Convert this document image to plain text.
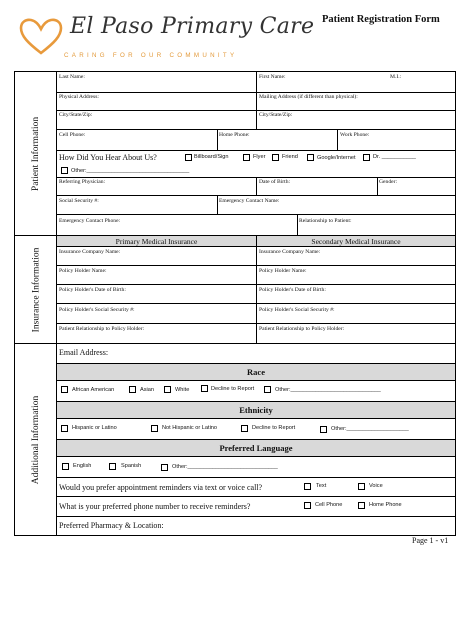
El Paso Primary Care
CARING FOR OUR COMMUNITY
Patient Registration Form
Patient Information
Insurance Information
Additional Information
Last Name:	First Name:	M.I.:
Physical Address:	Mailing Address (if different than physical):
City/State/Zip:	City/State/Zip:
Cell Phone:	Home Phone:	Work Phone:
How Did You Hear About Us?	Billboard/Sign	Flyer	Friend	Google/Internet	Dr. ___________
Other:_________________________________
Referring Physician:	Date of Birth:	Gender:
Social Security #:	Emergency Contact Name:
Emergency Contact Phone:	Relationship to Patient:
Primary Medical Insurance	Secondary Medical Insurance
Insurance Company Name:	Insurance Company Name:
Policy Holder Name:	Policy Holder Name:
Policy Holder's Date of Birth:	Policy Holder's Date of Birth:
Policy Holder's Social Security #:	Policy Holder's Social Security #:
Patient Relationship to Policy Holder:	Patient Relationship to Policy Holder:
Email Address:
Race
African American	Asian	White	Decline to Report	Other:_____________________________
Ethnicity
Hispanic or Latino	Not Hispanic or Latino	Decline to Report	Other:____________________
Preferred Language
English	Spanish	Other:_____________________________
Would you prefer appointment reminders via text or voice call?	Text	Voice
What is your preferred phone number to receive reminders?	Cell Phone	Home Phone
Preferred Pharmacy & Location:
Page 1 - v1
